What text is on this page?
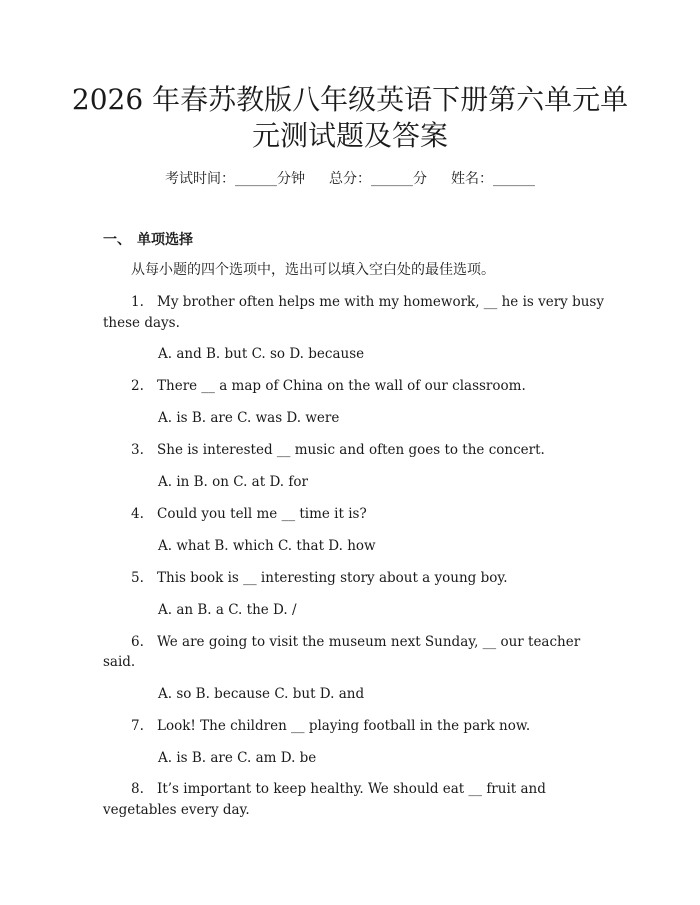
2026 年春苏教版八年级英语下册第六单元单
元测试题及答案
考试时间：______分钟 总分：______分 姓名：______
一、 单项选择
从每小题的四个选项中，选出可以填入空白处的最佳选项。
1. My brother often helps me with my homework, __ he is very busy
these days.
A. and B. but C. so D. because
2. There __ a map of China on the wall of our classroom.
A. is B. are C. was D. were
3. She is interested __ music and often goes to the concert.
A. in B. on C. at D. for
4. Could you tell me __ time it is?
A. what B. which C. that D. how
5. This book is __ interesting story about a young boy.
A. an B. a C. the D. /
6. We are going to visit the museum next Sunday, __ our teacher
said.
A. so B. because C. but D. and
7. Look! The children __ playing football in the park now.
A. is B. are C. am D. be
8. It’s important to keep healthy. We should eat __ fruit and
vegetables every day.
